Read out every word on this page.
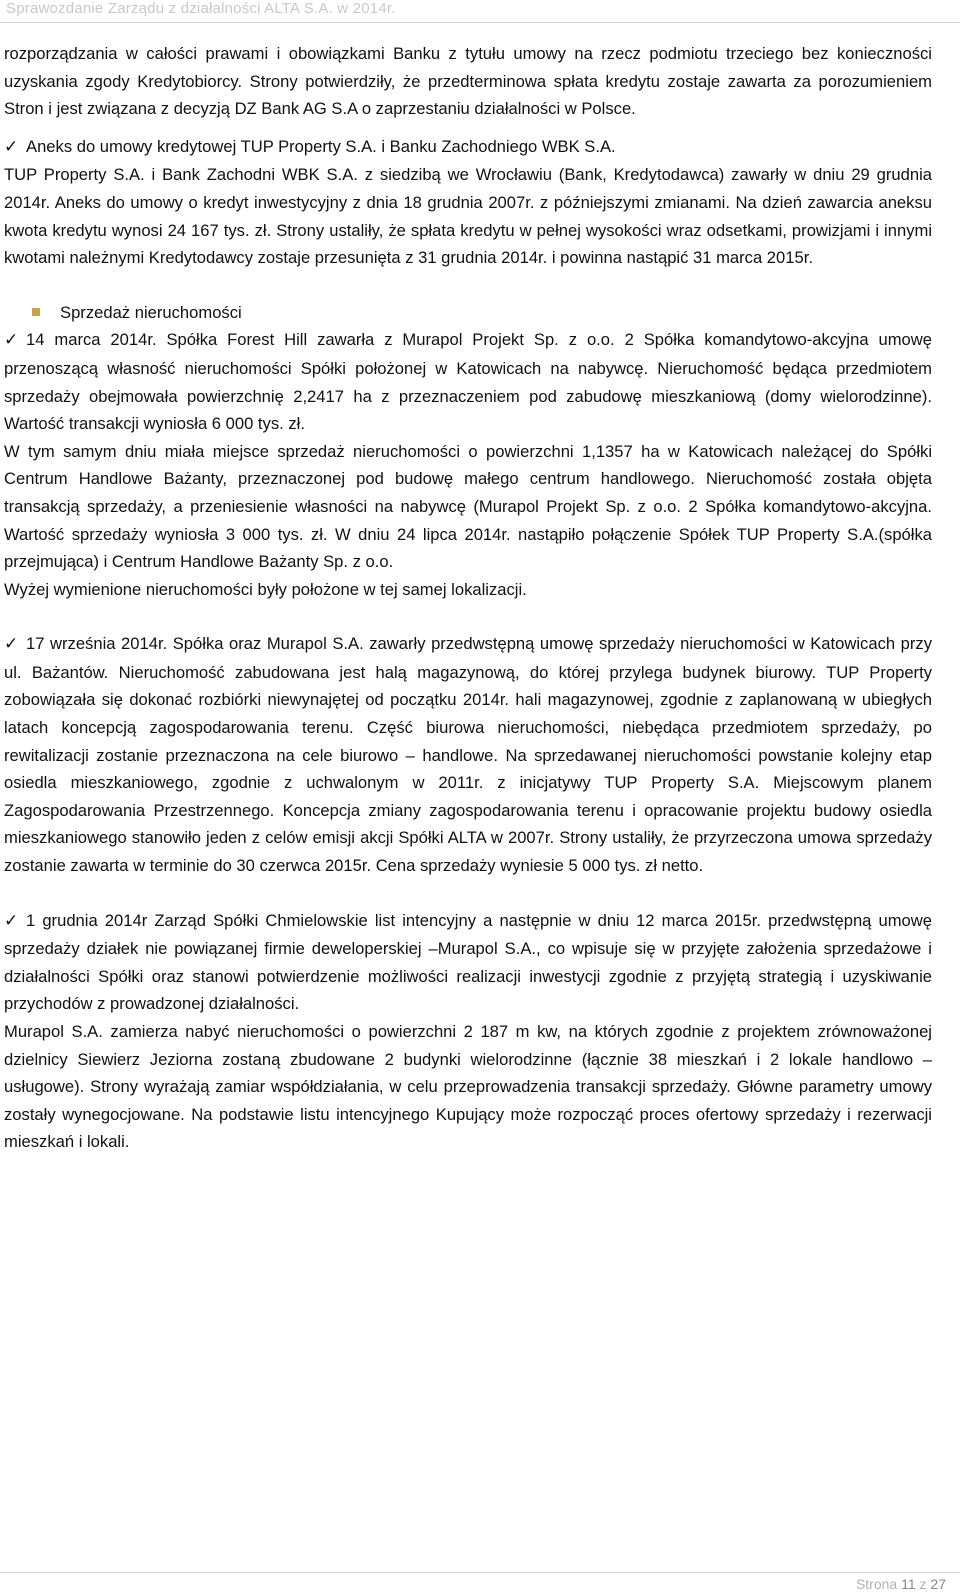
Sprawozdanie Zarządu z działalności ALTA S.A. w 2014r.

rozporządzania w całości prawami i obowiązkami Banku z tytułu umowy na rzecz podmiotu trzeciego bez konieczności uzyskania zgody Kredytobiorcy. Strony potwierdziły, że przedterminowa spłata kredytu zostaje zawarta za porozumieniem Stron i jest związana z decyzją DZ Bank AG S.A o zaprzestaniu działalności w Polsce.

✓ Aneks do umowy kredytowej TUP Property S.A. i Banku Zachodniego WBK S.A.

TUP Property S.A. i Bank Zachodni WBK S.A. z siedzibą we Wrocławiu (Bank, Kredytodawca) zawarły w dniu 29 grudnia 2014r. Aneks do umowy o kredyt inwestycyjny z dnia 18 grudnia 2007r. z późniejszymi zmianami. Na dzień zawarcia aneksu kwota kredytu wynosi 24 167 tys. zł. Strony ustaliły, że spłata kredytu w pełnej wysokości wraz odsetkami, prowizjami i innymi kwotami należnymi Kredytodawcy zostaje przesunięta z 31 grudnia 2014r. i powinna nastąpić 31 marca 2015r.

Sprzedaż nieruchomości

✓ 14 marca 2014r. Spółka Forest Hill zawarła z Murapol Projekt Sp. z o.o. 2 Spółka komandytowo-akcyjna umowę przenoszącą własność nieruchomości Spółki położonej w Katowicach na nabywcę. Nieruchomość będąca przedmiotem sprzedaży obejmowała powierzchnię 2,2417 ha z przeznaczeniem pod zabudowę mieszkaniową (domy wielorodzinne). Wartość transakcji wyniosła 6 000 tys. zł.

W tym samym dniu miała miejsce sprzedaż nieruchomości o powierzchni 1,1357 ha w Katowicach należącej do Spółki Centrum Handlowe Bażanty, przeznaczonej pod budowę małego centrum handlowego. Nieruchomość została objęta transakcją sprzedaży, a przeniesienie własności na nabywcę (Murapol Projekt Sp. z o.o. 2 Spółka komandytowo-akcyjna. Wartość sprzedaży wyniosła 3 000 tys. zł. W dniu 24 lipca 2014r. nastąpiło połączenie Spółek TUP Property S.A.(spółka przejmująca) i Centrum Handlowe Bażanty Sp. z o.o.

Wyżej wymienione nieruchomości były położone w tej samej lokalizacji.

✓ 17 września 2014r. Spółka oraz Murapol S.A. zawarły przedwstępną umowę sprzedaży nieruchomości w Katowicach przy ul. Bażantów. Nieruchomość zabudowana jest halą magazynową, do której przylega budynek biurowy. TUP Property zobowiązała się dokonać rozbiórki niewynajętej od początku 2014r. hali magazynowej, zgodnie z zaplanowaną w ubiegłych latach koncepcją zagospodarowania terenu. Część biurowa nieruchomości, niebędąca przedmiotem sprzedaży, po rewitalizacji zostanie przeznaczona na cele biurowo – handlowe. Na sprzedawanej nieruchomości powstanie kolejny etap osiedla mieszkaniowego, zgodnie z uchwalonym w 2011r. z inicjatywy TUP Property S.A. Miejscowym planem Zagospodarowania Przestrzennego. Koncepcja zmiany zagospodarowania terenu i opracowanie projektu budowy osiedla mieszkaniowego stanowiło jeden z celów emisji akcji Spółki ALTA w 2007r. Strony ustaliły, że przyrzeczona umowa sprzedaży zostanie zawarta w terminie do 30 czerwca 2015r. Cena sprzedaży wyniesie 5 000 tys. zł netto.

✓ 1 grudnia 2014r Zarząd Spółki Chmielowskie list intencyjny a następnie w dniu 12 marca 2015r. przedwstępną umowę sprzedaży działek nie powiązanej firmie deweloperskiej –Murapol S.A., co wpisuje się w przyjęte założenia sprzedażowe i działalności Spółki oraz stanowi potwierdzenie możliwości realizacji inwestycji zgodnie z przyjętą strategią i uzyskiwanie przychodów z prowadzonej działalności.

Murapol S.A. zamierza nabyć nieruchomości o powierzchni 2 187 m kw, na których zgodnie z projektem zrównoważonej dzielnicy Siewierz Jeziorna zostaną zbudowane 2 budynki wielorodzinne (łącznie 38 mieszkań i 2 lokale handlowo – usługowe). Strony wyrażają zamiar współdziałania, w celu przeprowadzenia transakcji sprzedaży. Główne parametry umowy zostały wynegocjowane. Na podstawie listu intencyjnego Kupujący może rozpocząć proces ofertowy sprzedaży i rezerwacji mieszkań i lokali.

Strona 11 z 27
